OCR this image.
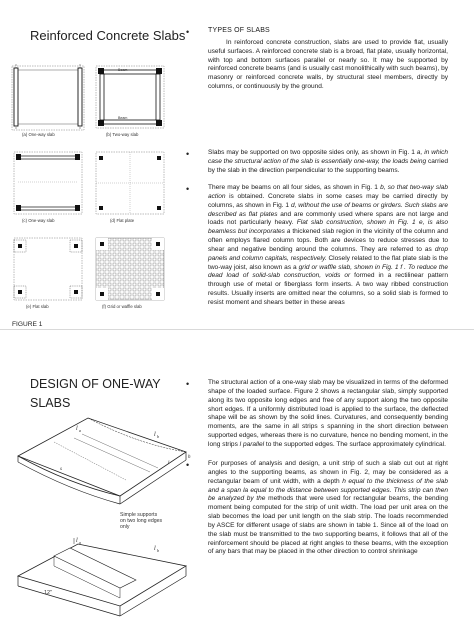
Reinforced Concrete Slabs
(a) One-way slab
Beam
Beam
(b) Two-way slab
(c) One-way slab	(d) Flat plate
(e) Flat slab	(f) Grid or waffle slab
FIGURE 1
•	TYPES OF SLABS
In reinforced concrete construction, slabs are used to provide flat, usually useful surfaces. A reinforced concrete slab is a broad, flat plate, usually horizontal, with top and bottom surfaces parallel or nearly so. It may be supported by reinforced concrete beams (and is usually cast monolithically with such beams), by masonry or reinforced concrete walls, by structural steel members, directly by columns, or continuously by the ground.
•	Slabs may be supported on two opposite sides only, as shown in Fig. 1 a, in which case the structural action of the slab is essentially one-way, the loads being carried by the slab in the direction perpendicular to the supporting beams.
•	There may be beams on all four sides, as shown in Fig. 1 b, so that two-way slab action is obtained. Concrete slabs in some cases may be carried directly by columns, as shown in Fig. 1 d, without the use of beams or girders. Such slabs are described as flat plates and are commonly used where spans are not large and loads not particularly heavy. Flat slab construction, shown in Fig. 1 e, is also beamless but incorporates a thickened slab region in the vicinity of the column and often employs flared column tops. Both are devices to reduce stresses due to shear and negative bending around the columns. They are referred to as drop panels and column capitals, respectively. Closely related to the flat plate slab is the two-way joist, also known as a grid or waffle slab, shown in Fig. 1 f . To reduce the dead load of solid-slab construction, voids or formed in a rectilinear pattern through use of metal or fiberglass form inserts. A two way ribbed construction results. Usually inserts are omitted near the columns, so a solid slab is formed to resist moment and shears better in these areas
DESIGN OF ONE-WAY SLABS
l a
l b
h
s
l
Simple supports on two long edges only
l a
l b
12"
•	The structural action of a one-way slab may be visualized in terms of the deformed shape of the loaded surface. Figure 2 shows a rectangular slab, simply supported along its two opposite long edges and free of any support along the two opposite short edges. If a uniformly distributed load is applied to the surface, the deflected shape will be as shown by the solid lines. Curvatures, and consequently bending moments, are the same in all strips s spanning in the short direction between supported edges, whereas there is no curvature, hence no bending moment, in the long strips l parallel to the supported edges. The surface approximately cylindrical.
•	For purposes of analysis and design, a unit strip of such a slab cut out at right angles to the supporting beams, as shown in Fig. 2, may be considered as a rectangular beam of unit width, with a depth h equal to the thickness of the slab and a span la equal to the distance between supported edges. This strip can then be analyzed by the methods that were used for rectangular beams, the bending moment being computed for the strip of unit width. The load per unit area on the slab becomes the load per unit length on the slab strip. The loads recommended by ASCE for different usage of slabs are shown in table 1. Since all of the load on the slab must be transmitted to the two supporting beams, it follows that all of the reinforcement should be placed at right angles to these beams, with the exception of any bars that may be placed in the other direction to control shrinkage
